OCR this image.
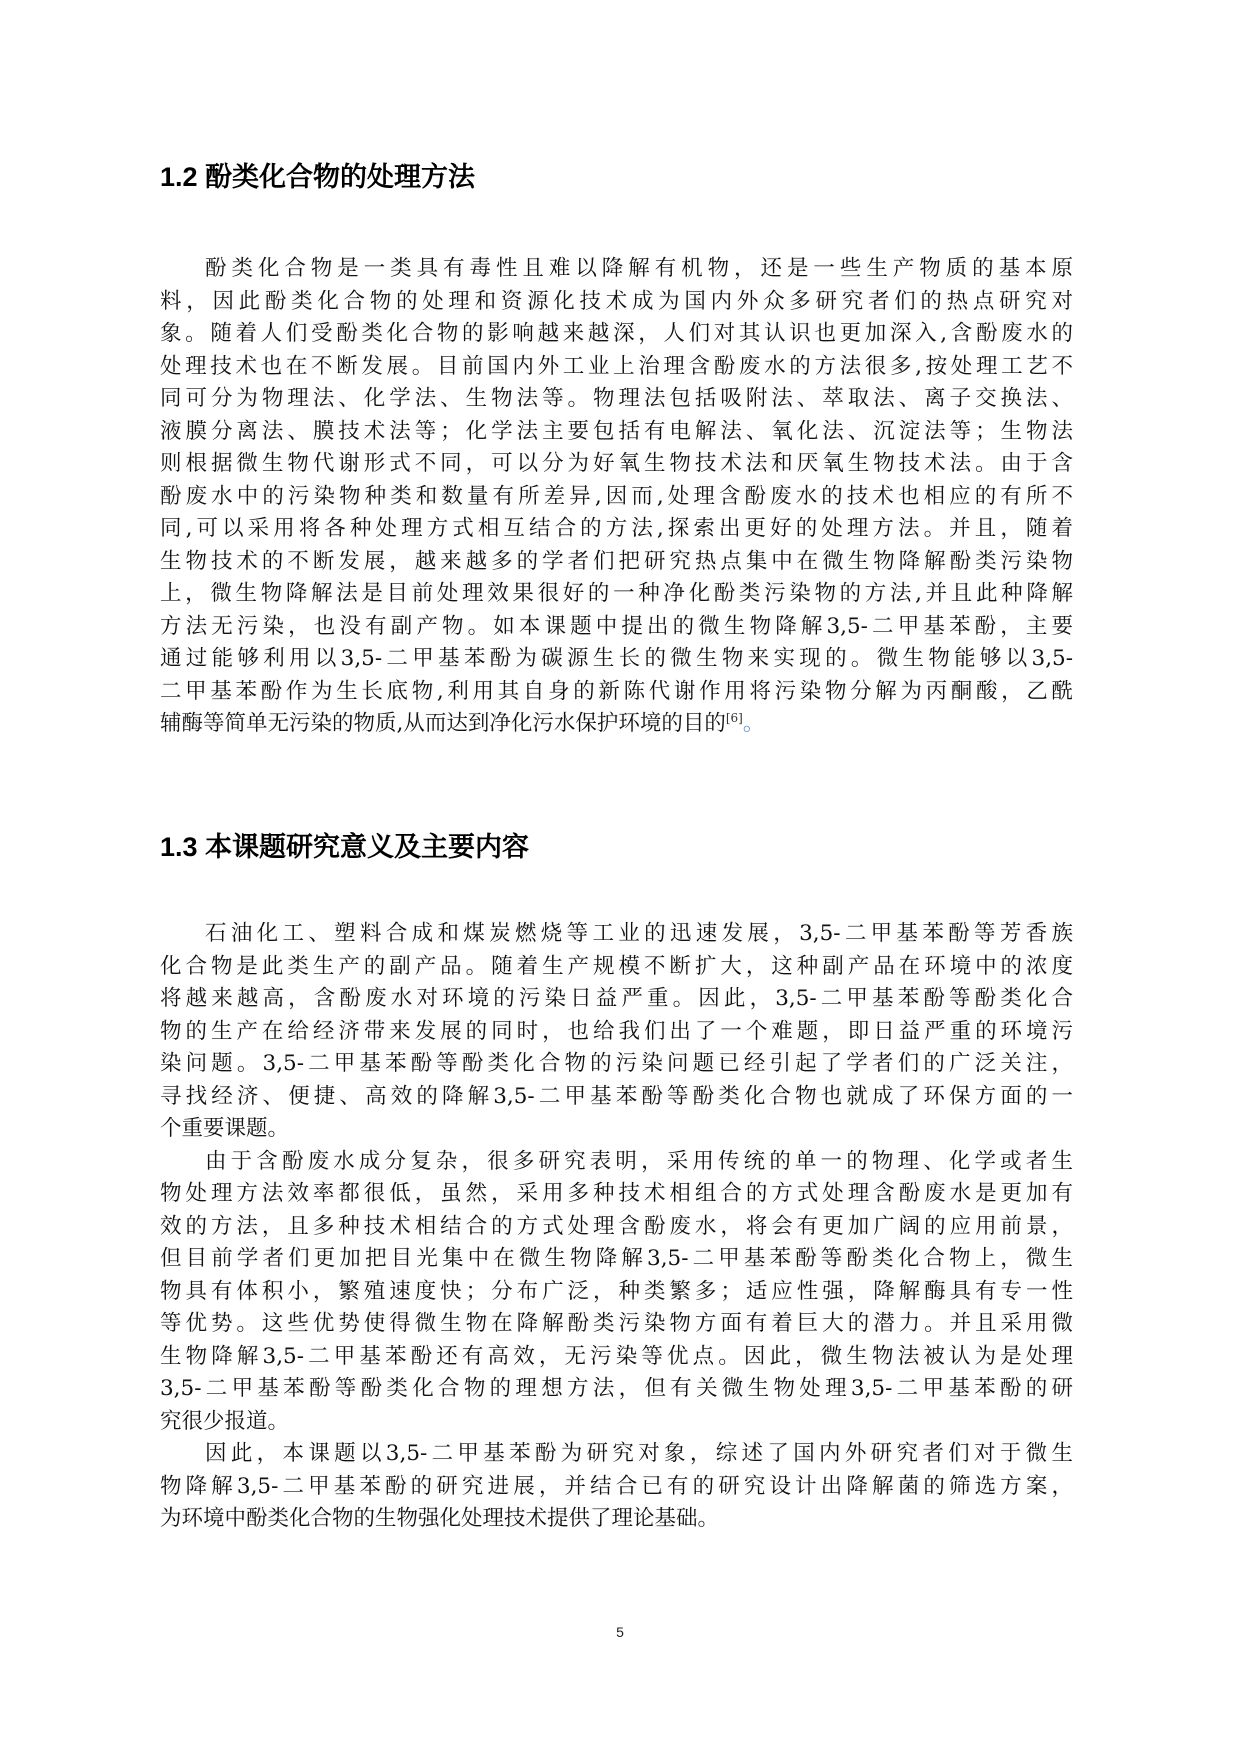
1.2 酚类化合物的处理方法

酚类化合物是一类具有毒性且难以降解有机物，还是一些生产物质的基本原
料，因此酚类化合物的处理和资源化技术成为国内外众多研究者们的热点研究对
象。随着人们受酚类化合物的影响越来越深，人们对其认识也更加深入,含酚废水的
处理技术也在不断发展。目前国内外工业上治理含酚废水的方法很多,按处理工艺不
同可分为物理法、化学法、生物法等。物理法包括吸附法、萃取法、离子交换法、
液膜分离法、膜技术法等；化学法主要包括有电解法、氧化法、沉淀法等；生物法
则根据微生物代谢形式不同，可以分为好氧生物技术法和厌氧生物技术法。由于含
酚废水中的污染物种类和数量有所差异,因而,处理含酚废水的技术也相应的有所不
同,可以采用将各种处理方式相互结合的方法,探索出更好的处理方法。并且，随着
生物技术的不断发展，越来越多的学者们把研究热点集中在微生物降解酚类污染物
上，微生物降解法是目前处理效果很好的一种净化酚类污染物的方法,并且此种降解
方法无污染，也没有副产物。如本课题中提出的微生物降解3,5-二甲基苯酚，主要
通过能够利用以3,5-二甲基苯酚为碳源生长的微生物来实现的。微生物能够以3,5-
二甲基苯酚作为生长底物,利用其自身的新陈代谢作用将污染物分解为丙酮酸，乙酰
辅酶等简单无污染的物质,从而达到净化污水保护环境的目的[6]。

1.3 本课题研究意义及主要内容

石油化工、塑料合成和煤炭燃烧等工业的迅速发展，3,5-二甲基苯酚等芳香族
化合物是此类生产的副产品。随着生产规模不断扩大，这种副产品在环境中的浓度
将越来越高，含酚废水对环境的污染日益严重。因此，3,5-二甲基苯酚等酚类化合
物的生产在给经济带来发展的同时，也给我们出了一个难题，即日益严重的环境污
染问题。3,5-二甲基苯酚等酚类化合物的污染问题已经引起了学者们的广泛关注，
寻找经济、便捷、高效的降解3,5-二甲基苯酚等酚类化合物也就成了环保方面的一
个重要课题。

由于含酚废水成分复杂，很多研究表明，采用传统的单一的物理、化学或者生
物处理方法效率都很低，虽然，采用多种技术相组合的方式处理含酚废水是更加有
效的方法，且多种技术相结合的方式处理含酚废水，将会有更加广阔的应用前景，
但目前学者们更加把目光集中在微生物降解3,5-二甲基苯酚等酚类化合物上，微生
物具有体积小，繁殖速度快；分布广泛，种类繁多；适应性强，降解酶具有专一性
等优势。这些优势使得微生物在降解酚类污染物方面有着巨大的潜力。并且采用微
生物降解3,5-二甲基苯酚还有高效，无污染等优点。因此，微生物法被认为是处理
3,5-二甲基苯酚等酚类化合物的理想方法，但有关微生物处理3,5-二甲基苯酚的研
究很少报道。

因此，本课题以3,5-二甲基苯酚为研究对象，综述了国内外研究者们对于微生
物降解3,5-二甲基苯酚的研究进展，并结合已有的研究设计出降解菌的筛选方案，
为环境中酚类化合物的生物强化处理技术提供了理论基础。

5
